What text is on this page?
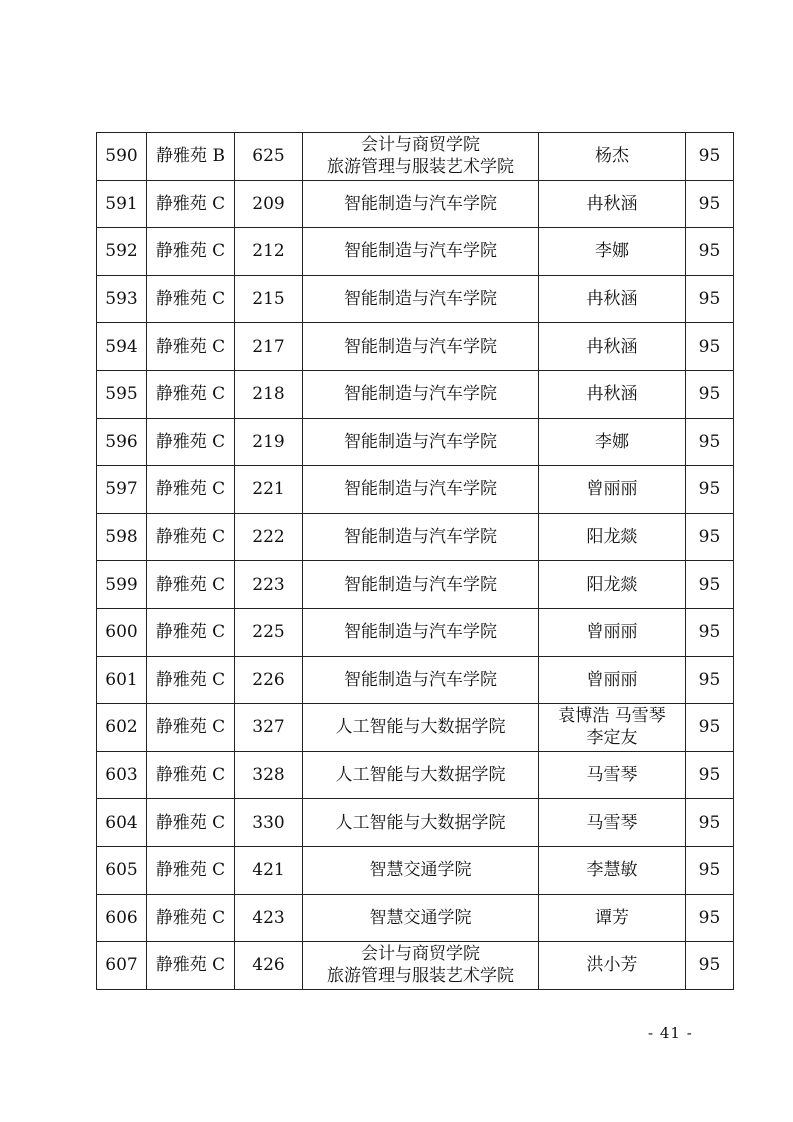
590	静雅苑 B	625	会计与商贸学院
旅游管理与服装艺术学院	杨杰	95
591	静雅苑 C	209	智能制造与汽车学院	冉秋涵	95
592	静雅苑 C	212	智能制造与汽车学院	李娜	95
593	静雅苑 C	215	智能制造与汽车学院	冉秋涵	95
594	静雅苑 C	217	智能制造与汽车学院	冉秋涵	95
595	静雅苑 C	218	智能制造与汽车学院	冉秋涵	95
596	静雅苑 C	219	智能制造与汽车学院	李娜	95
597	静雅苑 C	221	智能制造与汽车学院	曾丽丽	95
598	静雅苑 C	222	智能制造与汽车学院	阳龙燚	95
599	静雅苑 C	223	智能制造与汽车学院	阳龙燚	95
600	静雅苑 C	225	智能制造与汽车学院	曾丽丽	95
601	静雅苑 C	226	智能制造与汽车学院	曾丽丽	95
602	静雅苑 C	327	人工智能与大数据学院	袁博浩 马雪琴
李定友	95
603	静雅苑 C	328	人工智能与大数据学院	马雪琴	95
604	静雅苑 C	330	人工智能与大数据学院	马雪琴	95
605	静雅苑 C	421	智慧交通学院	李慧敏	95
606	静雅苑 C	423	智慧交通学院	谭芳	95
607	静雅苑 C	426	会计与商贸学院
旅游管理与服装艺术学院	洪小芳	95
- 41 -
